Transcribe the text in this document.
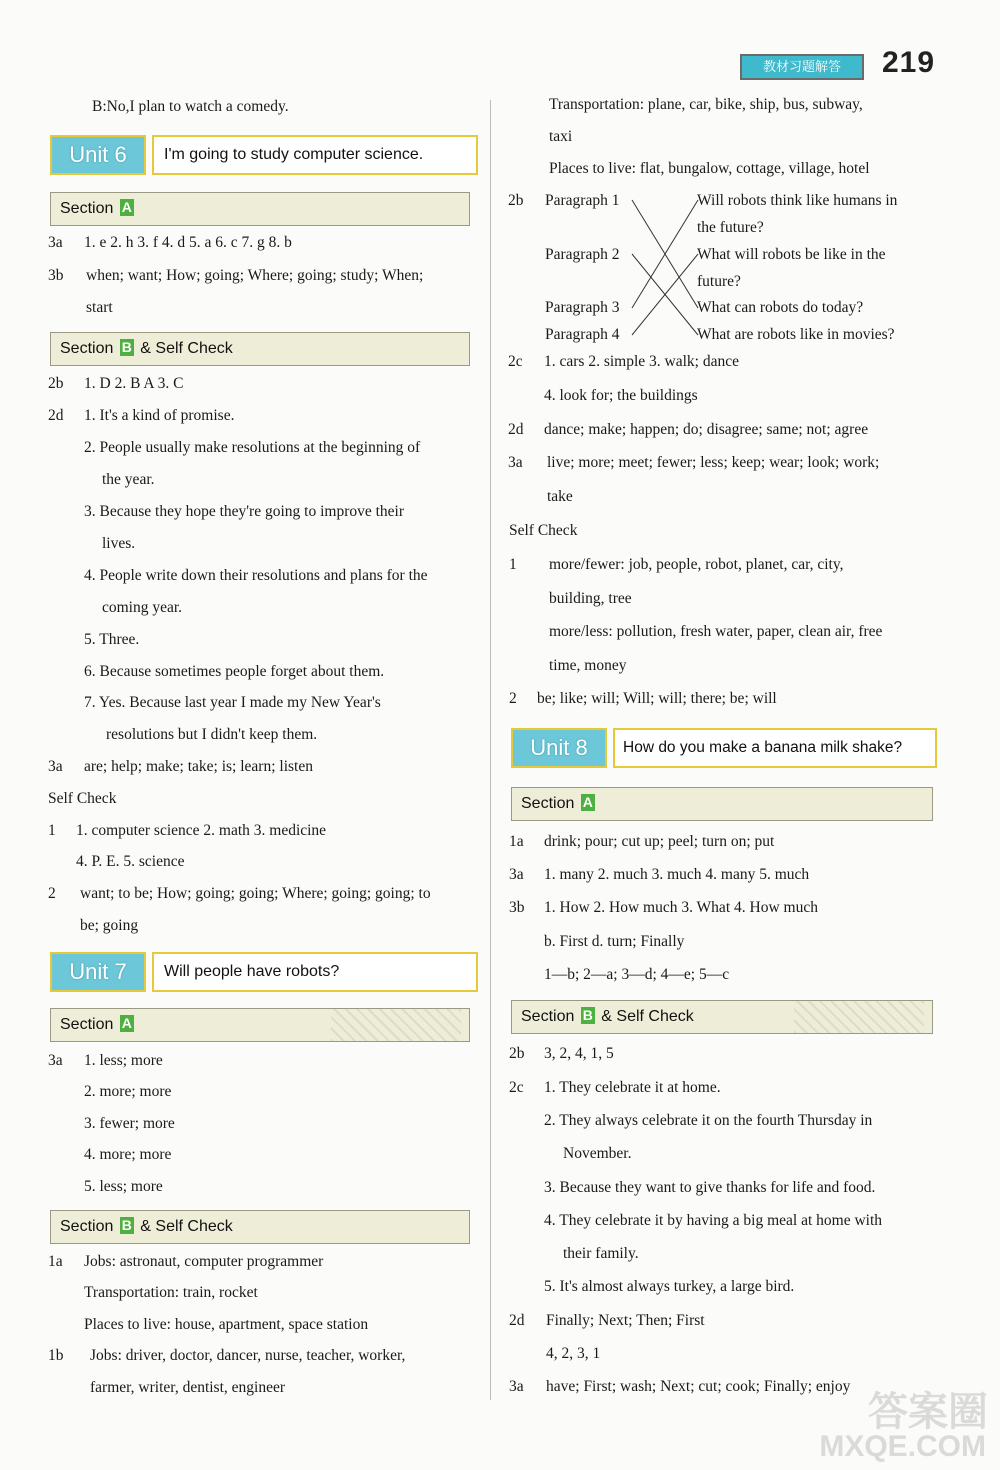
教材习题解答	219
B:No,I plan to watch a comedy.
Unit 6	I'm going to study computer science.
Section A
3a 1. e 2. h 3. f 4. d 5. a 6. c 7. g 8. b
3b when; want; How; going; Where; going; study; When;
start
Section B & Self Check
2b 1. D 2. B A 3. C
2d 1. It's a kind of promise.
2. People usually make resolutions at the beginning of
the year.
3. Because they hope they're going to improve their
lives.
4. People write down their resolutions and plans for the
coming year.
5. Three.
6. Because sometimes people forget about them.
7. Yes. Because last year I made my New Year's
resolutions but I didn't keep them.
3a are; help; make; take; is; learn; listen
Self Check
1 1. computer science 2. math 3. medicine
4. P. E. 5. science
2 want; to be; How; going; going; Where; going; going; to
be; going
Unit 7	Will people have robots?
Section A
3a 1. less; more
2. more; more
3. fewer; more
4. more; more
5. less; more
Section B & Self Check
1a Jobs: astronaut, computer programmer
Transportation: train, rocket
Places to live: house, apartment, space station
1b Jobs: driver, doctor, dancer, nurse, teacher, worker,
farmer, writer, dentist, engineer
Transportation: plane, car, bike, ship, bus, subway,
taxi
Places to live: flat, bungalow, cottage, village, hotel
2b Paragraph 1
Paragraph 2
Paragraph 3
Paragraph 4
Will robots think like humans in
the future?
What will robots be like in the
future?
What can robots do today?
What are robots like in movies?
2c 1. cars 2. simple 3. walk; dance
4. look for; the buildings
2d dance; make; happen; do; disagree; same; not; agree
3a live; more; meet; fewer; less; keep; wear; look; work;
take
Self Check
1 more/fewer: job, people, robot, planet, car, city,
building, tree
more/less: pollution, fresh water, paper, clean air, free
time, money
2 be; like; will; Will; will; there; be; will
Unit 8	How do you make a banana milk shake?
Section A
1a drink; pour; cut up; peel; turn on; put
3a 1. many 2. much 3. much 4. many 5. much
3b 1. How 2. How much 3. What 4. How much
b. First d. turn; Finally
1—b; 2—a; 3—d; 4—e; 5—c
Section B & Self Check
2b 3, 2, 4, 1, 5
2c 1. They celebrate it at home.
2. They always celebrate it on the fourth Thursday in
November.
3. Because they want to give thanks for life and food.
4. They celebrate it by having a big meal at home with
their family.
5. It's almost always turkey, a large bird.
2d Finally; Next; Then; First
4, 2, 3, 1
3a have; First; wash; Next; cut; cook; Finally; enjoy
答案圈
MXQE.COM
